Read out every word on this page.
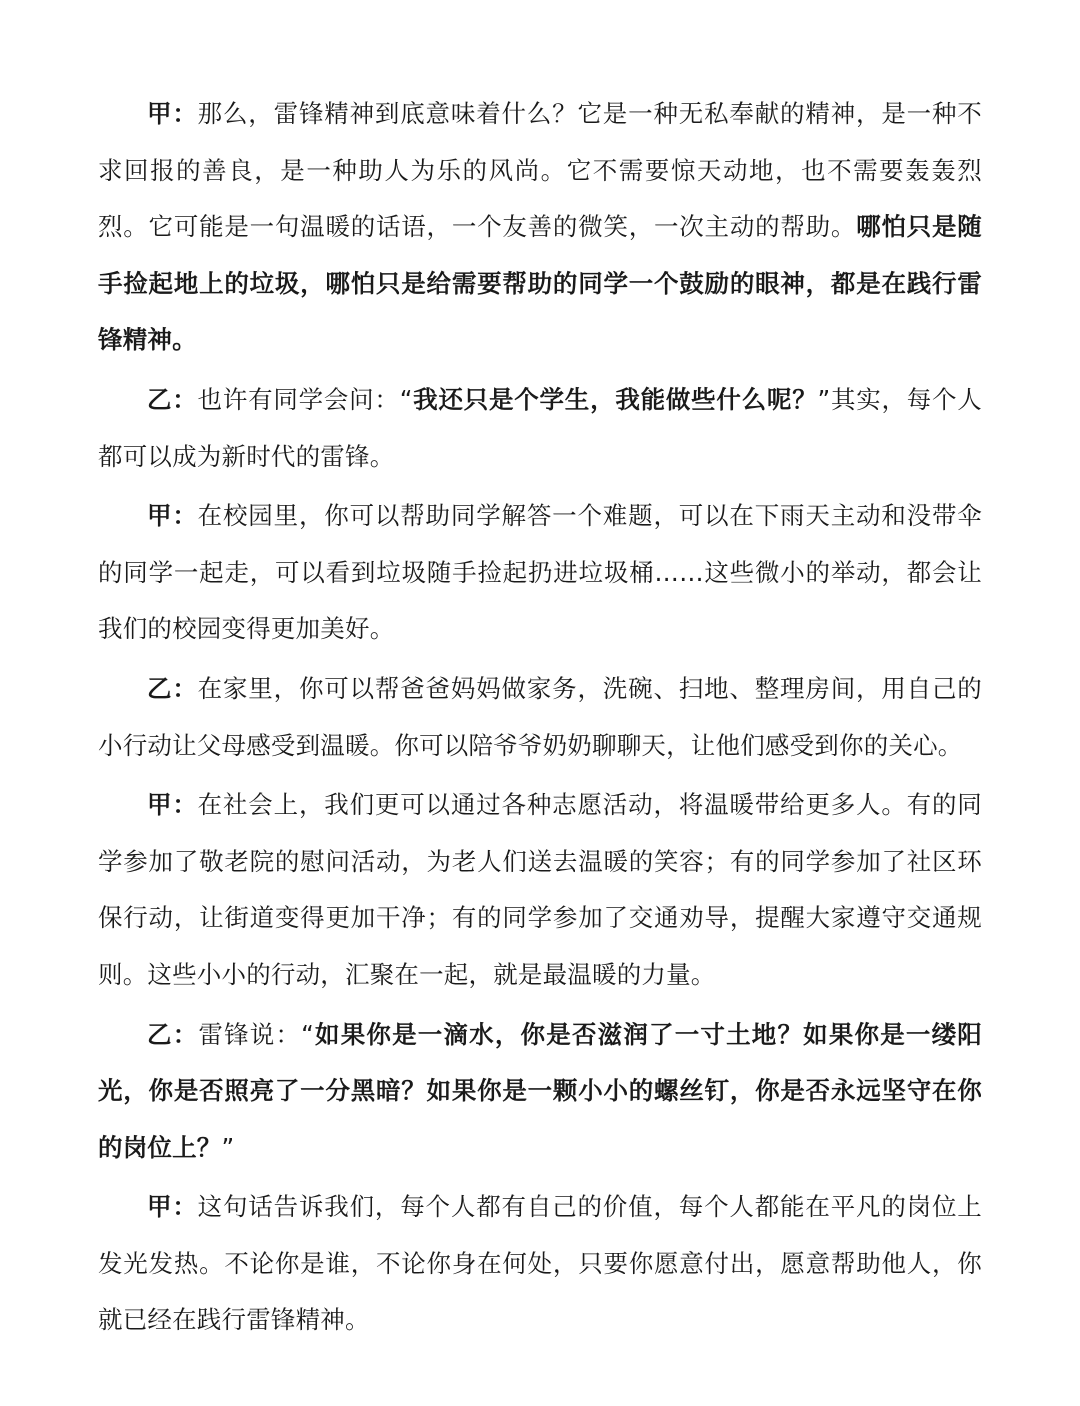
甲：那么，雷锋精神到底意味着什么？它是一种无私奉献的精神，是一种不求回报的善良，是一种助人为乐的风尚。它不需要惊天动地，也不需要轰轰烈烈。它可能是一句温暖的话语，一个友善的微笑，一次主动的帮助。哪怕只是随手捡起地上的垃圾，哪怕只是给需要帮助的同学一个鼓励的眼神，都是在践行雷锋精神。

乙：也许有同学会问：“我还只是个学生，我能做些什么呢？”其实，每个人都可以成为新时代的雷锋。

甲：在校园里，你可以帮助同学解答一个难题，可以在下雨天主动和没带伞的同学一起走，可以看到垃圾随手捡起扔进垃圾桶……这些微小的举动，都会让我们的校园变得更加美好。

乙：在家里，你可以帮爸爸妈妈做家务，洗碗、扫地、整理房间，用自己的小行动让父母感受到温暖。你可以陪爷爷奶奶聊聊天，让他们感受到你的关心。

甲：在社会上，我们更可以通过各种志愿活动，将温暖带给更多人。有的同学参加了敬老院的慰问活动，为老人们送去温暖的笑容；有的同学参加了社区环保行动，让街道变得更加干净；有的同学参加了交通劝导，提醒大家遵守交通规则。这些小小的行动，汇聚在一起，就是最温暖的力量。

乙：雷锋说：“如果你是一滴水，你是否滋润了一寸土地？如果你是一缕阳光，你是否照亮了一分黑暗？如果你是一颗小小的螺丝钉，你是否永远坚守在你的岗位上？”

甲：这句话告诉我们，每个人都有自己的价值，每个人都能在平凡的岗位上发光发热。不论你是谁，不论你身在何处，只要你愿意付出，愿意帮助他人，你就已经在践行雷锋精神。
